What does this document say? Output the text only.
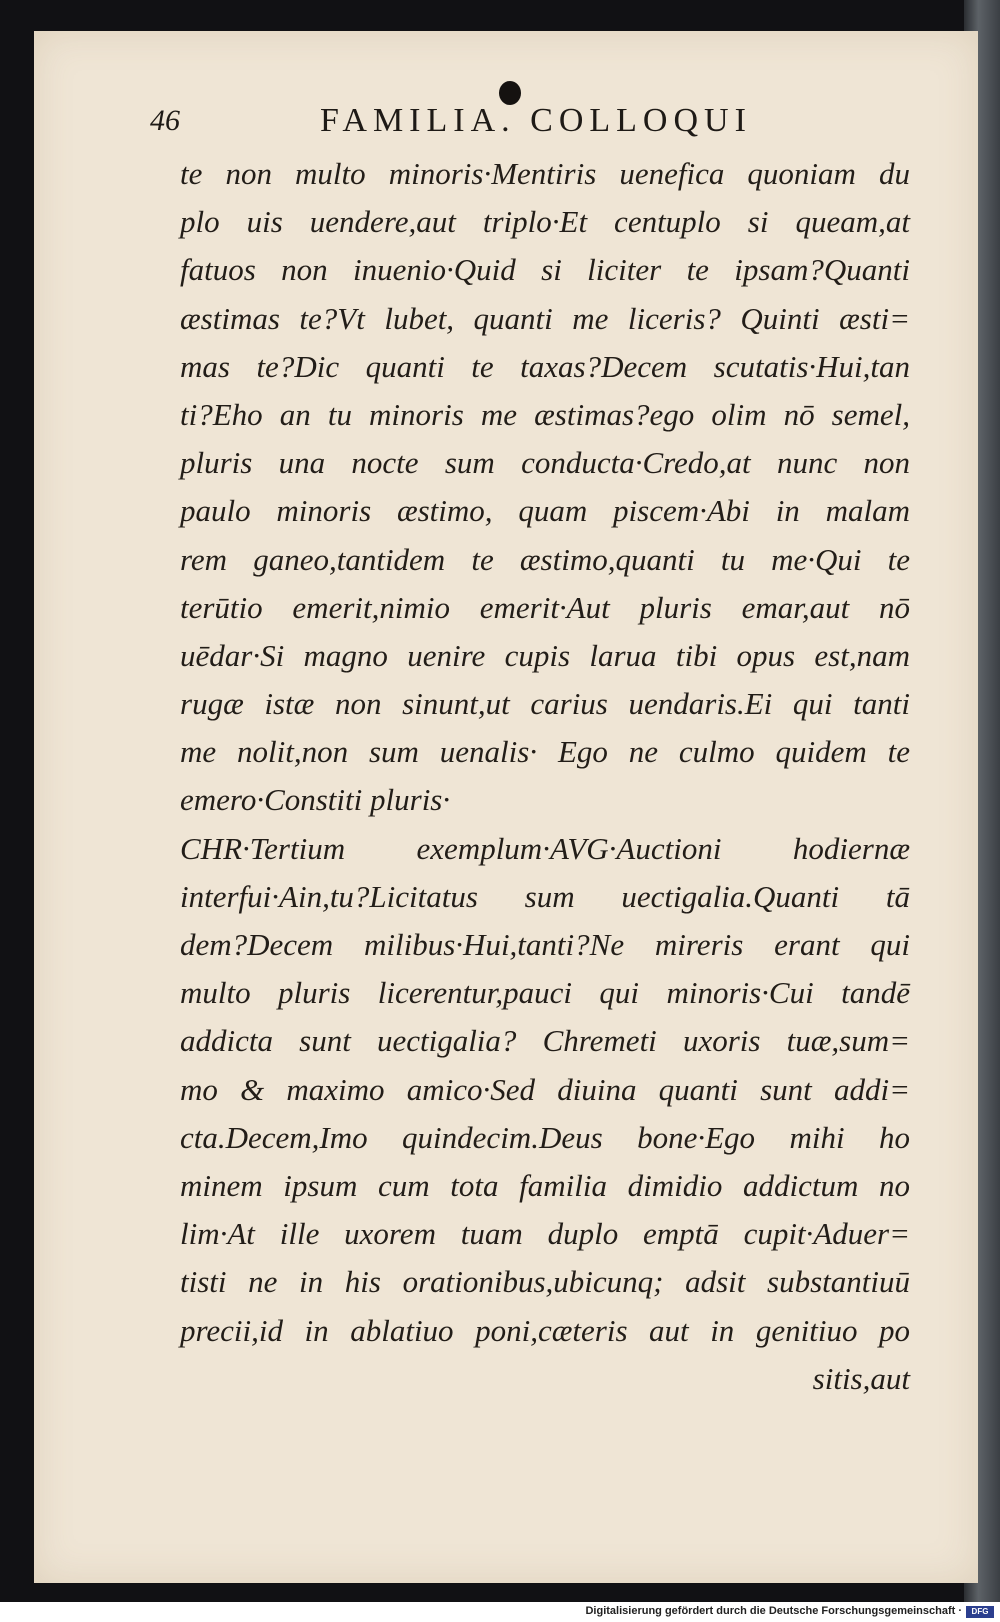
46	FAMILIA. COLLOQUI
te non multo minoris·Mentiris uenefica quoniam du
plo uis uendere,aut triplo·Et centuplo si queam,at
fatuos non inuenio·Quid si liciter te ipsam?Quanti
æstimas te?Vt lubet, quanti me liceris? Quinti æsti=
mas te?Dic quanti te taxas?Decem scutatis·Hui,tan
ti?Eho an tu minoris me æstimas?ego olim nō semel,
pluris una nocte sum conducta·Credo,at nunc non
paulo minoris æstimo, quam piscem·Abi in malam
rem ganeo,tantidem te æstimo,quanti tu me·Qui te
terūtio emerit,nimio emerit·Aut pluris emar,aut nō
uēdar·Si magno uenire cupis larua tibi opus est,nam
rugæ istæ non sinunt,ut carius uendaris.Ei qui tanti
me nolit,non sum uenalis· Ego ne culmo quidem te
emero·Constiti pluris·
CHR·Tertium exemplum·AVG·Auctioni hodiernæ
interfui·Ain,tu?Licitatus sum uectigalia.Quanti tā
dem?Decem milibus·Hui,tanti?Ne mireris erant qui
multo pluris licerentur,pauci qui minoris·Cui tandē
addicta sunt uectigalia? Chremeti uxoris tuæ,sum=
mo & maximo amico·Sed diuina quanti sunt addi=
cta.Decem,Imo quindecim.Deus bone·Ego mihi ho
minem ipsum cum tota familia dimidio addictum no
lim·At ille uxorem tuam duplo emptā cupit·Aduer=
tisti ne in his orationibus,ubicunq; adsit substantiuū
precii,id in ablatiuo poni,cæteris aut in genitiuo po
sitis,aut
Digitalisierung gefördert durch die Deutsche Forschungsgemeinschaft ·	DFG
